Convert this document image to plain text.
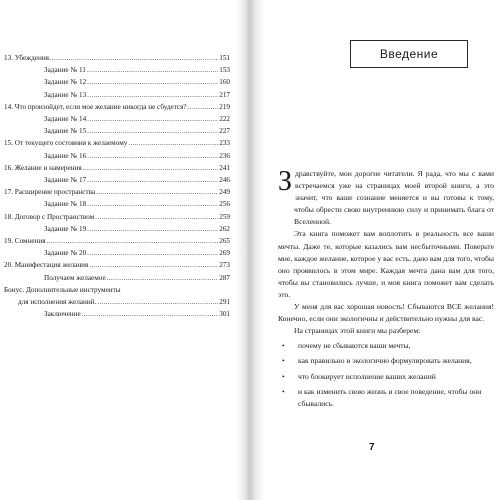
13. Убеждения. .....	151
Задание № 11 .....	153
Задание № 12 .....	160
Задание № 13 .....	217
14. Что произойдет, если мое желание никогда не сбудется? .....	219
Задание № 14 .....	222
Задание № 15 .....	227
15. От текущего состояния к желаемому .....	233
Задание № 16 .....	236
16. Желание и намерения .....	241
Задание № 17 .....	246
17. Расширение пространства .....	249
Задание № 18 .....	256
18. Договор с Пространством .....	259
Задание № 19 .....	262
19. Сомнения .....	265
Задание № 20 .....	269
20. Манифестация желания .....	273
Получаем желаемое .....	287
Бонус. Дополнительные инструменты
для исполнения желаний. .....	291
Заключение .....	301
Введение

Здравствуйте, мои дорогие читатели. Я рада, что мы с вами встречаемся уже на страницах моей второй книги, а это значит, что ваше сознание меняется и вы готовы к тому, чтобы обрести свою внутреннюю силу и принимать блага от Вселенной.

Эта книга поможет вам воплотить в реальность все ваши мечты. Даже те, которые казались вам несбыточными. Поверьте мне, каждое желание, которое у вас есть, дано вам для того, чтобы оно проявилось в этом мире. Каждая мечта дана вам для того, чтобы вы становились лучше, и моя книга поможет вам сделать это.

У меня для вас хорошая новость! Сбываются ВСЕ желания! Конечно, если они экологичны и действительно нужны для вас.

На страницах этой книги мы разберем:

• почему не сбываются ваши мечты,
• как правильно и экологично формулировать желания,
• что блокирует исполнение ваших желаний
• и как изменить свою жизнь и свое поведение, чтобы они сбывались.
7
